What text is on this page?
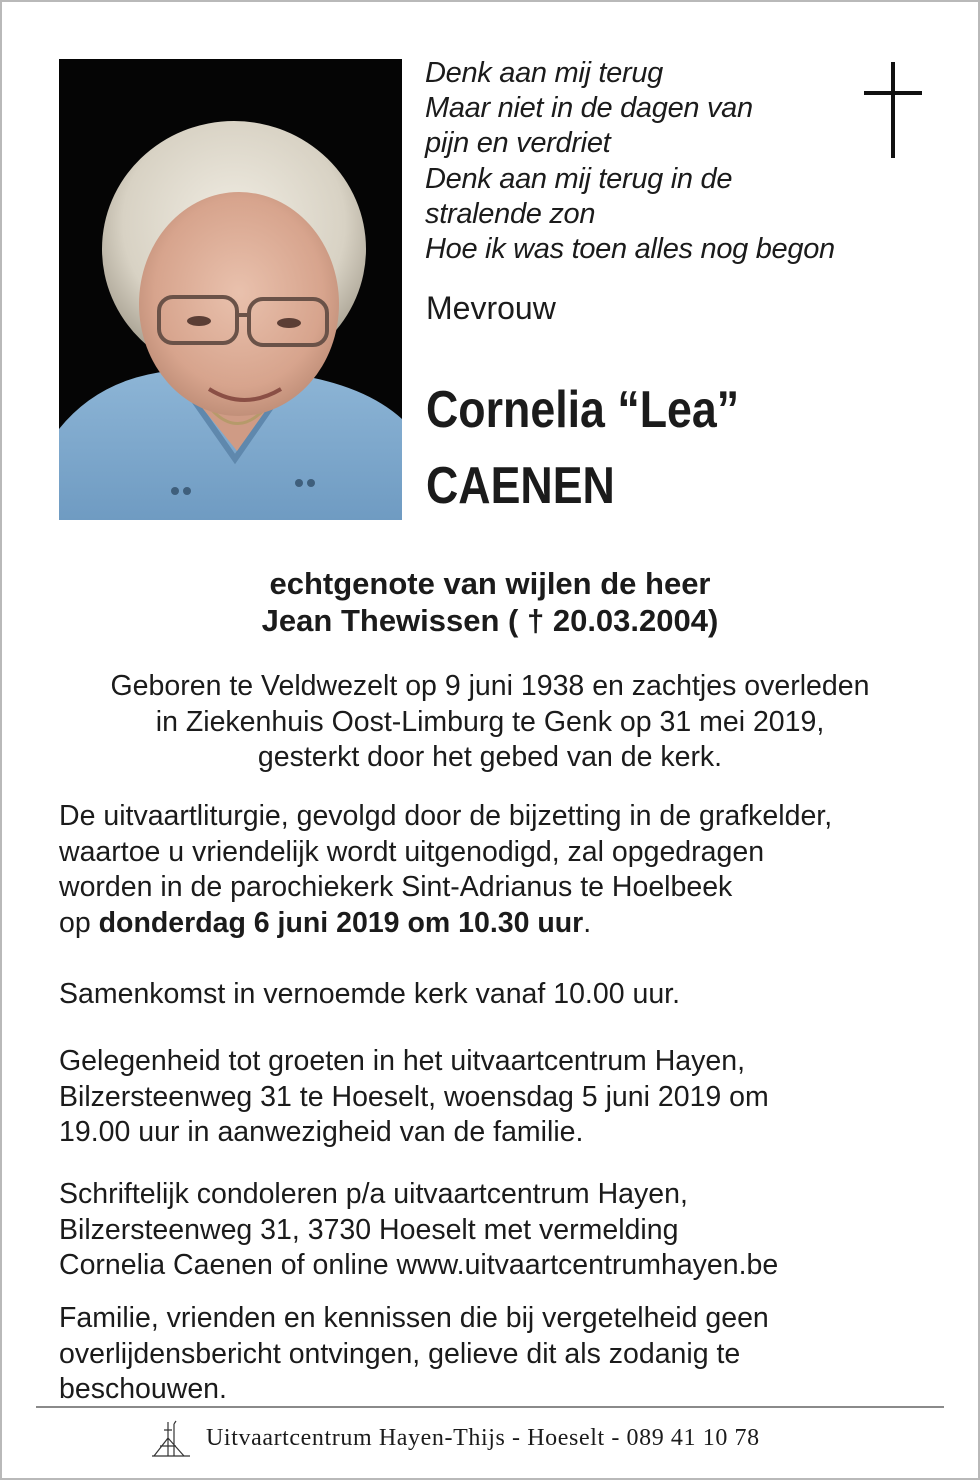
Denk aan mij terug
Maar niet in de dagen van
pijn en verdriet
Denk aan mij terug in de
stralende zon
Hoe ik was toen alles nog begon
Mevrouw
Cornelia “Lea”
CAENEN
echtgenote van wijlen de heer
Jean Thewissen ( † 20.03.2004)
Geboren te Veldwezelt op 9 juni 1938 en zachtjes overleden
in Ziekenhuis Oost-Limburg te Genk op 31 mei 2019,
gesterkt door het gebed van de kerk.
De uitvaartliturgie, gevolgd door de bijzetting in de grafkelder,
waartoe u vriendelijk wordt uitgenodigd, zal opgedragen
worden in de parochiekerk Sint-Adrianus te Hoelbeek
op donderdag 6 juni 2019 om 10.30 uur.
Samenkomst in vernoemde kerk vanaf 10.00 uur.
Gelegenheid tot groeten in het uitvaartcentrum Hayen,
Bilzersteenweg 31 te Hoeselt, woensdag 5 juni 2019 om
19.00 uur in aanwezigheid van de familie.
Schriftelijk condoleren p/a uitvaartcentrum Hayen,
Bilzersteenweg 31, 3730 Hoeselt met vermelding
Cornelia Caenen of online www.uitvaartcentrumhayen.be
Familie, vrienden en kennissen die bij vergetelheid geen
overlijdensbericht ontvingen, gelieve dit als zodanig te
beschouwen.
Uitvaartcentrum Hayen-Thijs - Hoeselt - 089 41 10 78
